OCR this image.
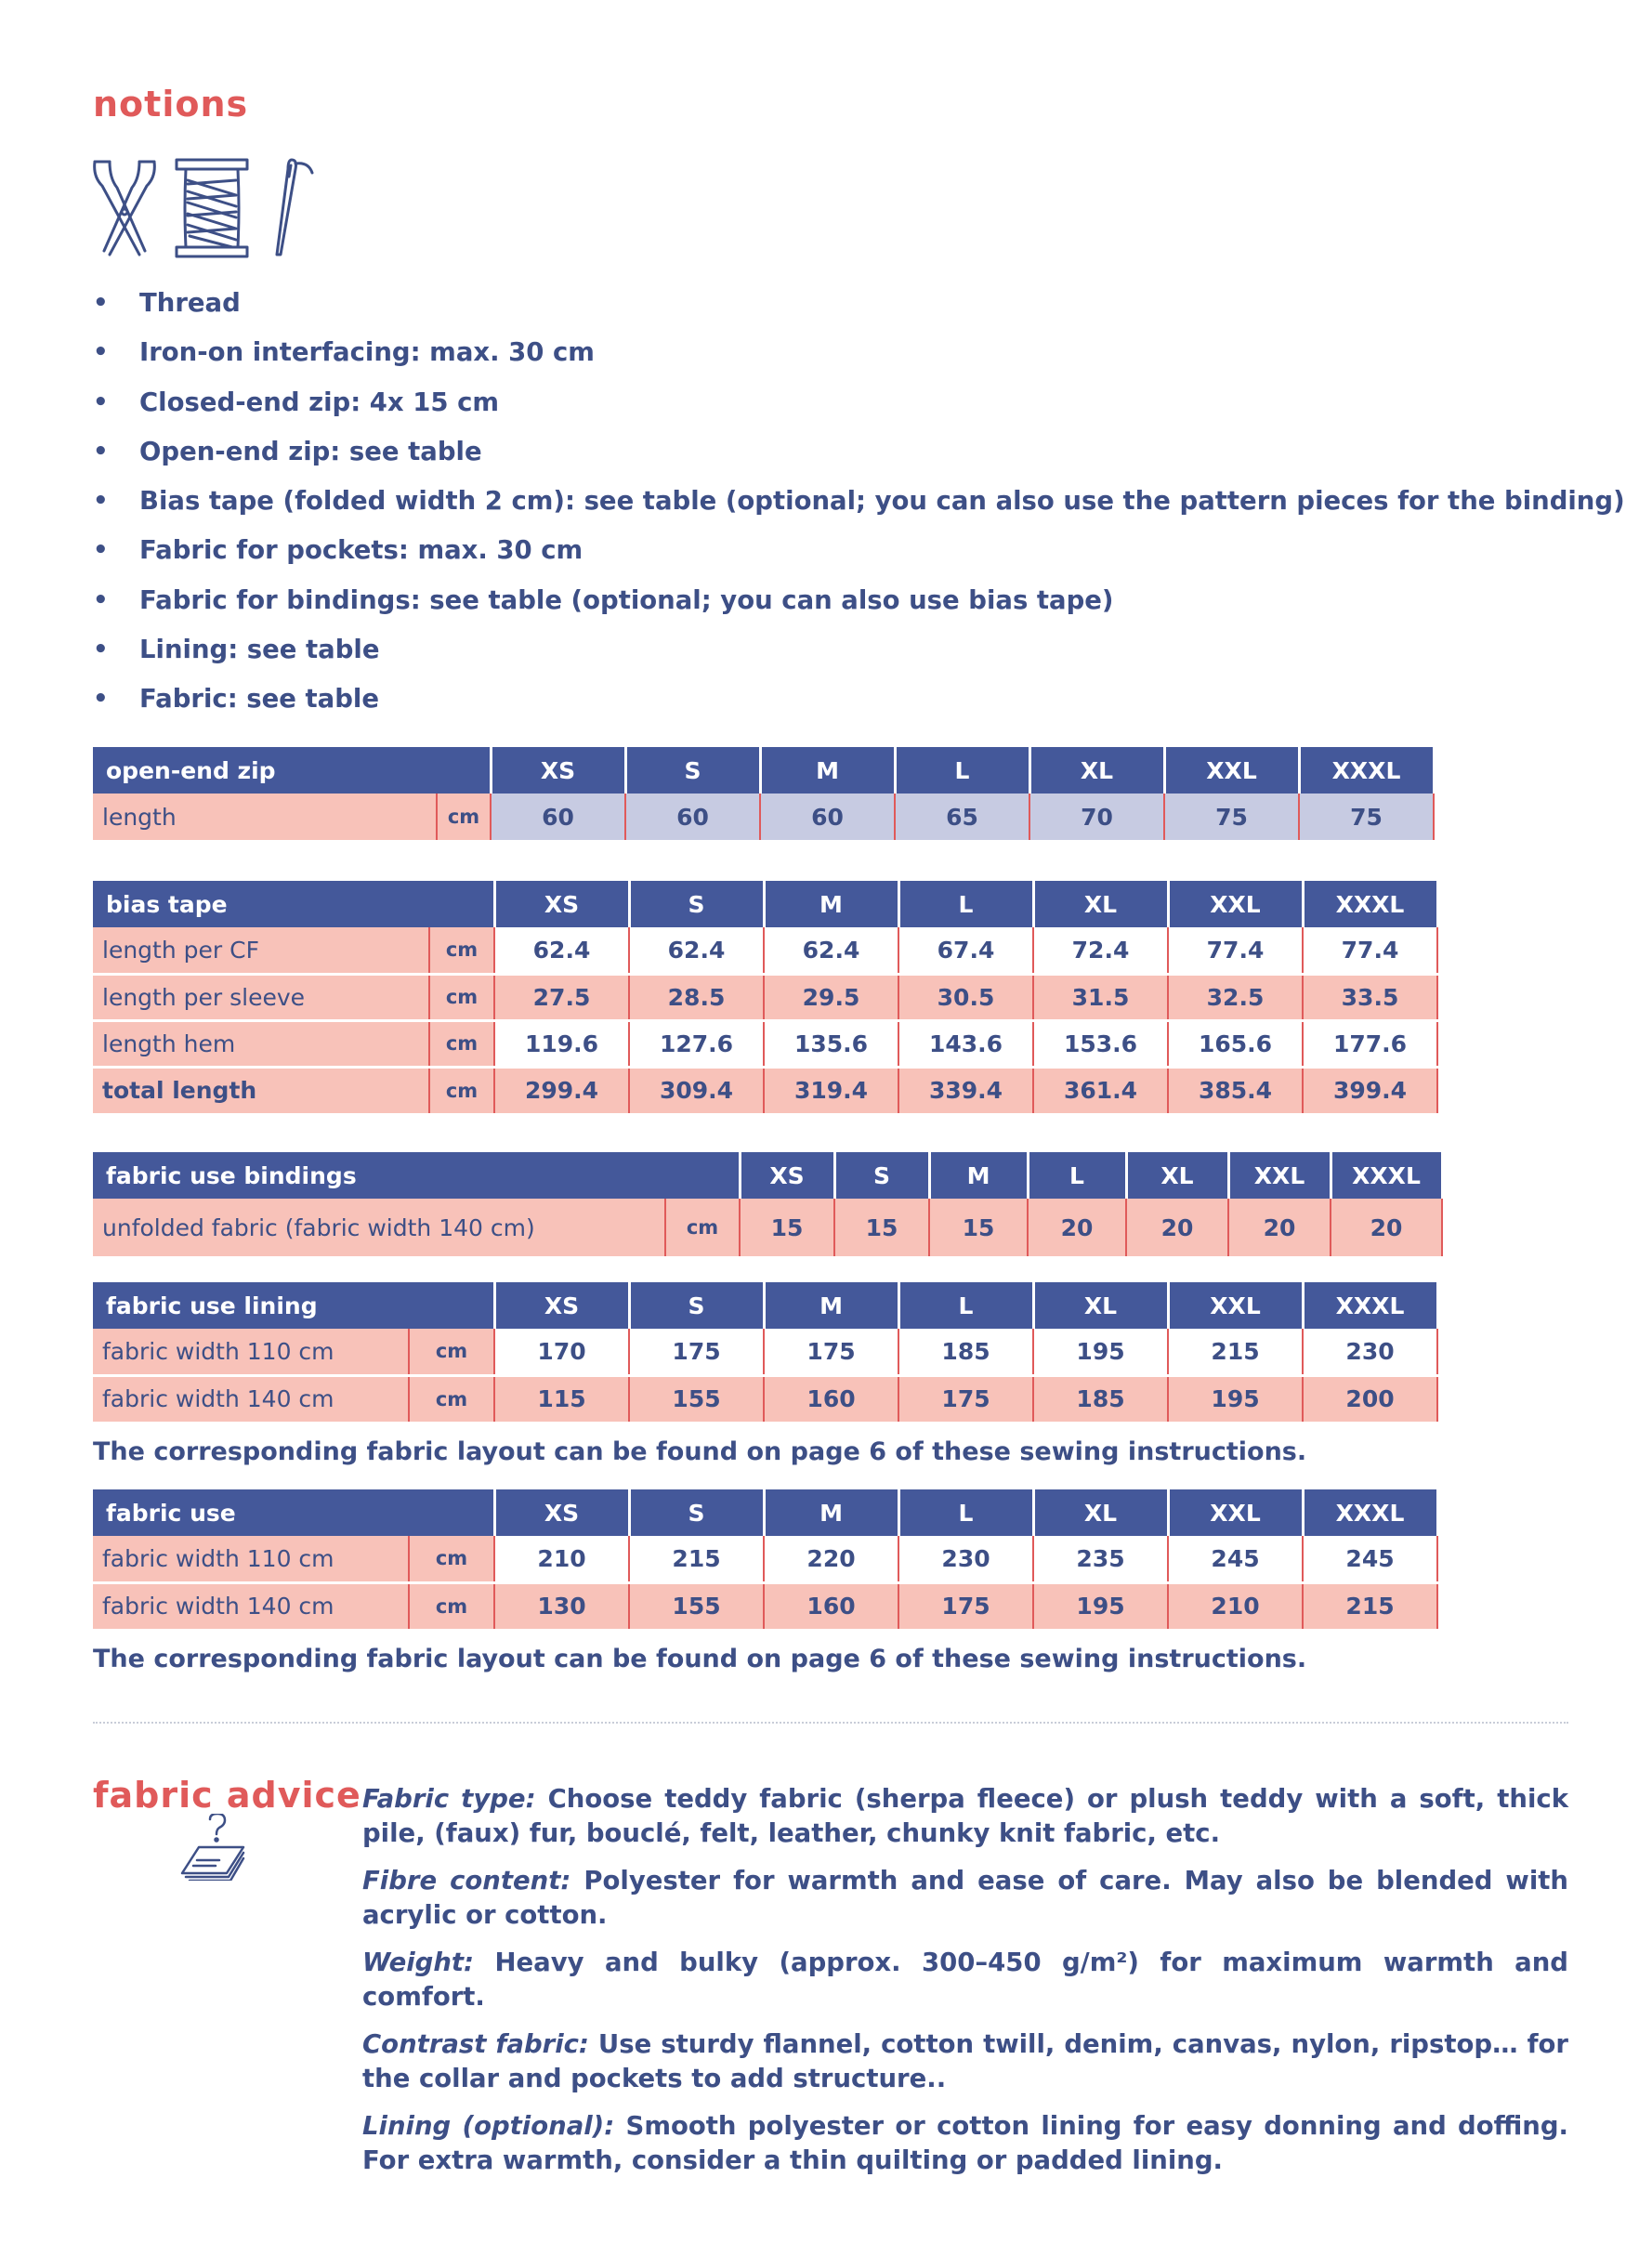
notions
• Thread
• Iron-on interfacing: max. 30 cm
• Closed-end zip: 4x 15 cm
• Open-end zip: see table
• Bias tape (folded width 2 cm): see table (optional; you can also use the pattern pieces for the binding)
• Fabric for pockets: max. 30 cm
• Fabric for bindings: see table (optional; you can also use bias tape)
• Lining: see table
• Fabric: see table
open-end zip		XS	S	M	L	XL	XXL	XXXL
length	cm	60	60	60	65	70	75	75
bias tape		XS	S	M	L	XL	XXL	XXXL
length per CF	cm	62.4	62.4	62.4	67.4	72.4	77.4	77.4
length per sleeve	cm	27.5	28.5	29.5	30.5	31.5	32.5	33.5
length hem	cm	119.6	127.6	135.6	143.6	153.6	165.6	177.6
total length	cm	299.4	309.4	319.4	339.4	361.4	385.4	399.4
fabric use bindings		XS	S	M	L	XL	XXL	XXXL
unfolded fabric (fabric width 140 cm)	cm	15	15	15	20	20	20	20
fabric use lining		XS	S	M	L	XL	XXL	XXXL
fabric width 110 cm	cm	170	175	175	185	195	215	230
fabric width 140 cm	cm	115	155	160	175	185	195	200
The corresponding fabric layout can be found on page 6 of these sewing instructions.
fabric use		XS	S	M	L	XL	XXL	XXXL
fabric width 110 cm	cm	210	215	220	230	235	245	245
fabric width 140 cm	cm	130	155	160	175	195	210	215
The corresponding fabric layout can be found on page 6 of these sewing instructions.
fabric advice Fabric type: Choose teddy fabric (sherpa fleece) or plush teddy with a soft, thick pile, (faux) fur, bouclé, felt, leather, chunky knit fabric, etc.

Fibre content: Polyester for warmth and ease of care. May also be blended with acrylic or cotton.

Weight: Heavy and bulky (approx. 300–450 g/m²) for maximum warmth and comfort.

Contrast fabric: Use sturdy flannel, cotton twill, denim, canvas, nylon, ripstop… for the collar and pockets to add structure..

Lining (optional): Smooth polyester or cotton lining for easy donning and doffing. For extra warmth, consider a thin quilting or padded lining.
